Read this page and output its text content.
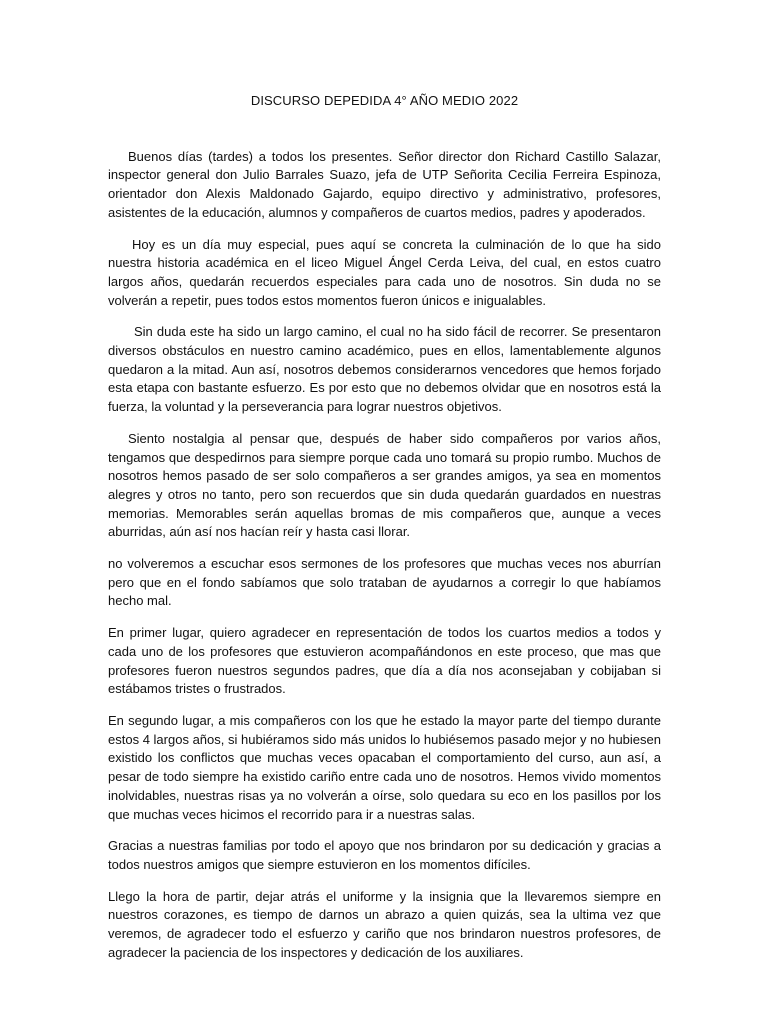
DISCURSO DEPEDIDA 4° AÑO MEDIO 2022

Buenos días (tardes) a todos los presentes. Señor director don Richard Castillo Salazar, inspector general don Julio Barrales Suazo, jefa de UTP Señorita Cecilia Ferreira Espinoza, orientador don Alexis Maldonado Gajardo, equipo directivo y administrativo, profesores, asistentes de la educación, alumnos y compañeros de cuartos medios, padres y apoderados.

Hoy es un día muy especial, pues aquí se concreta la culminación de lo que ha sido nuestra historia académica en el liceo Miguel Ángel Cerda Leiva, del cual, en estos cuatro largos años, quedarán recuerdos especiales para cada uno de nosotros. Sin duda no se volverán a repetir, pues todos estos momentos fueron únicos e inigualables.

Sin duda este ha sido un largo camino, el cual no ha sido fácil de recorrer. Se presentaron diversos obstáculos en nuestro camino académico, pues en ellos, lamentablemente algunos quedaron a la mitad. Aun así, nosotros debemos considerarnos vencedores que hemos forjado esta etapa con bastante esfuerzo. Es por esto que no debemos olvidar que en nosotros está la fuerza, la voluntad y la perseverancia para lograr nuestros objetivos.

Siento nostalgia al pensar que, después de haber sido compañeros por varios años, tengamos que despedirnos para siempre porque cada uno tomará su propio rumbo. Muchos de nosotros hemos pasado de ser solo compañeros a ser grandes amigos, ya sea en momentos alegres y otros no tanto, pero son recuerdos que sin duda quedarán guardados en nuestras memorias. Memorables serán aquellas bromas de mis compañeros que, aunque a veces aburridas, aún así nos hacían reír y hasta casi llorar.

no volveremos a escuchar esos sermones de los profesores que muchas veces nos aburrían pero que en el fondo sabíamos que solo trataban de ayudarnos a corregir lo que habíamos hecho mal.

En primer lugar, quiero agradecer en representación de todos los cuartos medios a todos y cada uno de los profesores que estuvieron acompañándonos en este proceso, que mas que profesores fueron nuestros segundos padres, que día a día nos aconsejaban y cobijaban si estábamos tristes o frustrados.

En segundo lugar, a mis compañeros con los que he estado la mayor parte del tiempo durante estos 4 largos años, si hubiéramos sido más unidos lo hubiésemos pasado mejor y no hubiesen existido los conflictos que muchas veces opacaban el comportamiento del curso, aun así, a pesar de todo siempre ha existido cariño entre cada uno de nosotros. Hemos vivido momentos inolvidables, nuestras risas ya no volverán a oírse, solo quedara su eco en los pasillos por los que muchas veces hicimos el recorrido para ir a nuestras salas.

Gracias a nuestras familias por todo el apoyo que nos brindaron por su dedicación y gracias a todos nuestros amigos que siempre estuvieron en los momentos difíciles.

Llego la hora de partir, dejar atrás el uniforme y la insignia que la llevaremos siempre en nuestros corazones, es tiempo de darnos un abrazo a quien quizás, sea la ultima vez que veremos, de agradecer todo el esfuerzo y cariño que nos brindaron nuestros profesores, de agradecer la paciencia de los inspectores y dedicación de los auxiliares.
